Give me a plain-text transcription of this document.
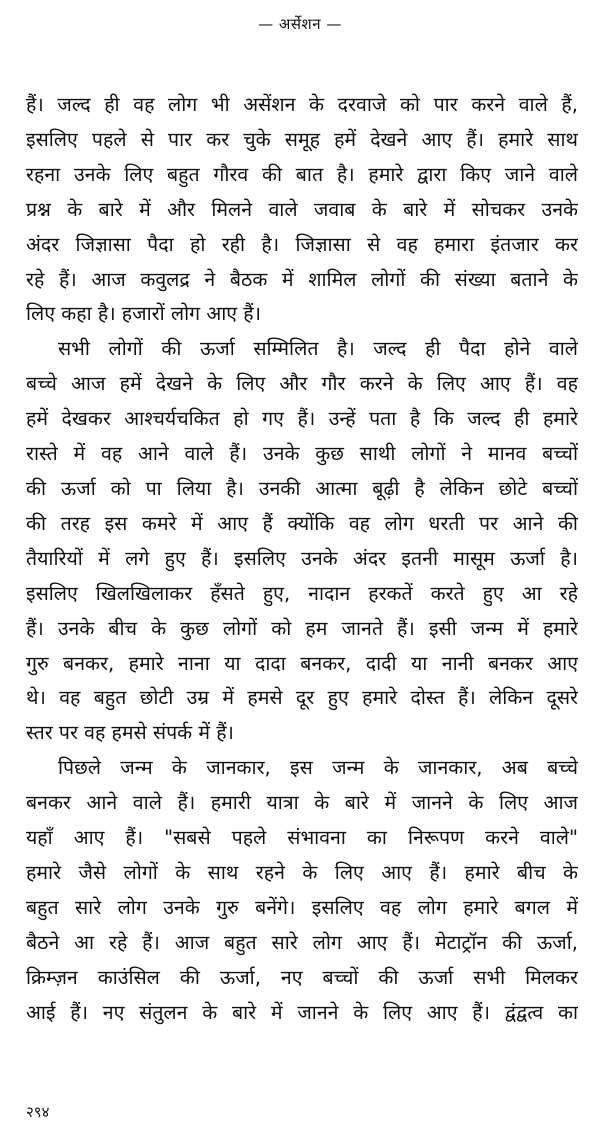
— अर्सेशन —
हैं। जल्द ही वह लोग भी असेंशन के दरवाजे को पार करने वाले हैं,
इसलिए पहले से पार कर चुके समूह हमें देखने आए हैं। हमारे साथ
रहना उनके लिए बहुत गौरव की बात है। हमारे द्वारा किए जाने वाले
प्रश्न के बारे में और मिलने वाले जवाब के बारे में सोचकर उनके
अंदर जिज्ञासा पैदा हो रही है। जिज्ञासा से वह हमारा इंतजार कर
रहे हैं। आज कवुलद्र ने बैठक में शामिल लोगों की संख्या बताने के
लिए कहा है। हजारों लोग आए हैं।
सभी लोगों की ऊर्जा सम्मिलित है। जल्द ही पैदा होने वाले
बच्चे आज हमें देखने के लिए और गौर करने के लिए आए हैं। वह
हमें देखकर आश्चर्यचकित हो गए हैं। उन्हें पता है कि जल्द ही हमारे
रास्ते में वह आने वाले हैं। उनके कुछ साथी लोगों ने मानव बच्चों
की ऊर्जा को पा लिया है। उनकी आत्मा बूढ़ी है लेकिन छोटे बच्चों
की तरह इस कमरे में आए हैं क्योंकि वह लोग धरती पर आने की
तैयारियों में लगे हुए हैं। इसलिए उनके अंदर इतनी मासूम ऊर्जा है।
इसलिए खिलखिलाकर हँसते हुए, नादान हरकतें करते हुए आ रहे
हैं। उनके बीच के कुछ लोगों को हम जानते हैं। इसी जन्म में हमारे
गुरु बनकर, हमारे नाना या दादा बनकर, दादी या नानी बनकर आए
थे। वह बहुत छोटी उम्र में हमसे दूर हुए हमारे दोस्त हैं। लेकिन दूसरे
स्तर पर वह हमसे संपर्क में हैं।
पिछले जन्म के जानकार, इस जन्म के जानकार, अब बच्चे
बनकर आने वाले हैं। हमारी यात्रा के बारे में जानने के लिए आज
यहाँ आए हैं। "सबसे पहले संभावना का निरूपण करने वाले"
हमारे जैसे लोगों के साथ रहने के लिए आए हैं। हमारे बीच के
बहुत सारे लोग उनके गुरु बनेंगे। इसलिए वह लोग हमारे बगल में
बैठने आ रहे हैं। आज बहुत सारे लोग आए हैं। मेटाट्रॉन की ऊर्जा,
क्रिम्ज़न काउंसिल की ऊर्जा, नए बच्चों की ऊर्जा सभी मिलकर
आई हैं। नए संतुलन के बारे में जानने के लिए आए हैं। द्वंद्वत्व का
२९४
